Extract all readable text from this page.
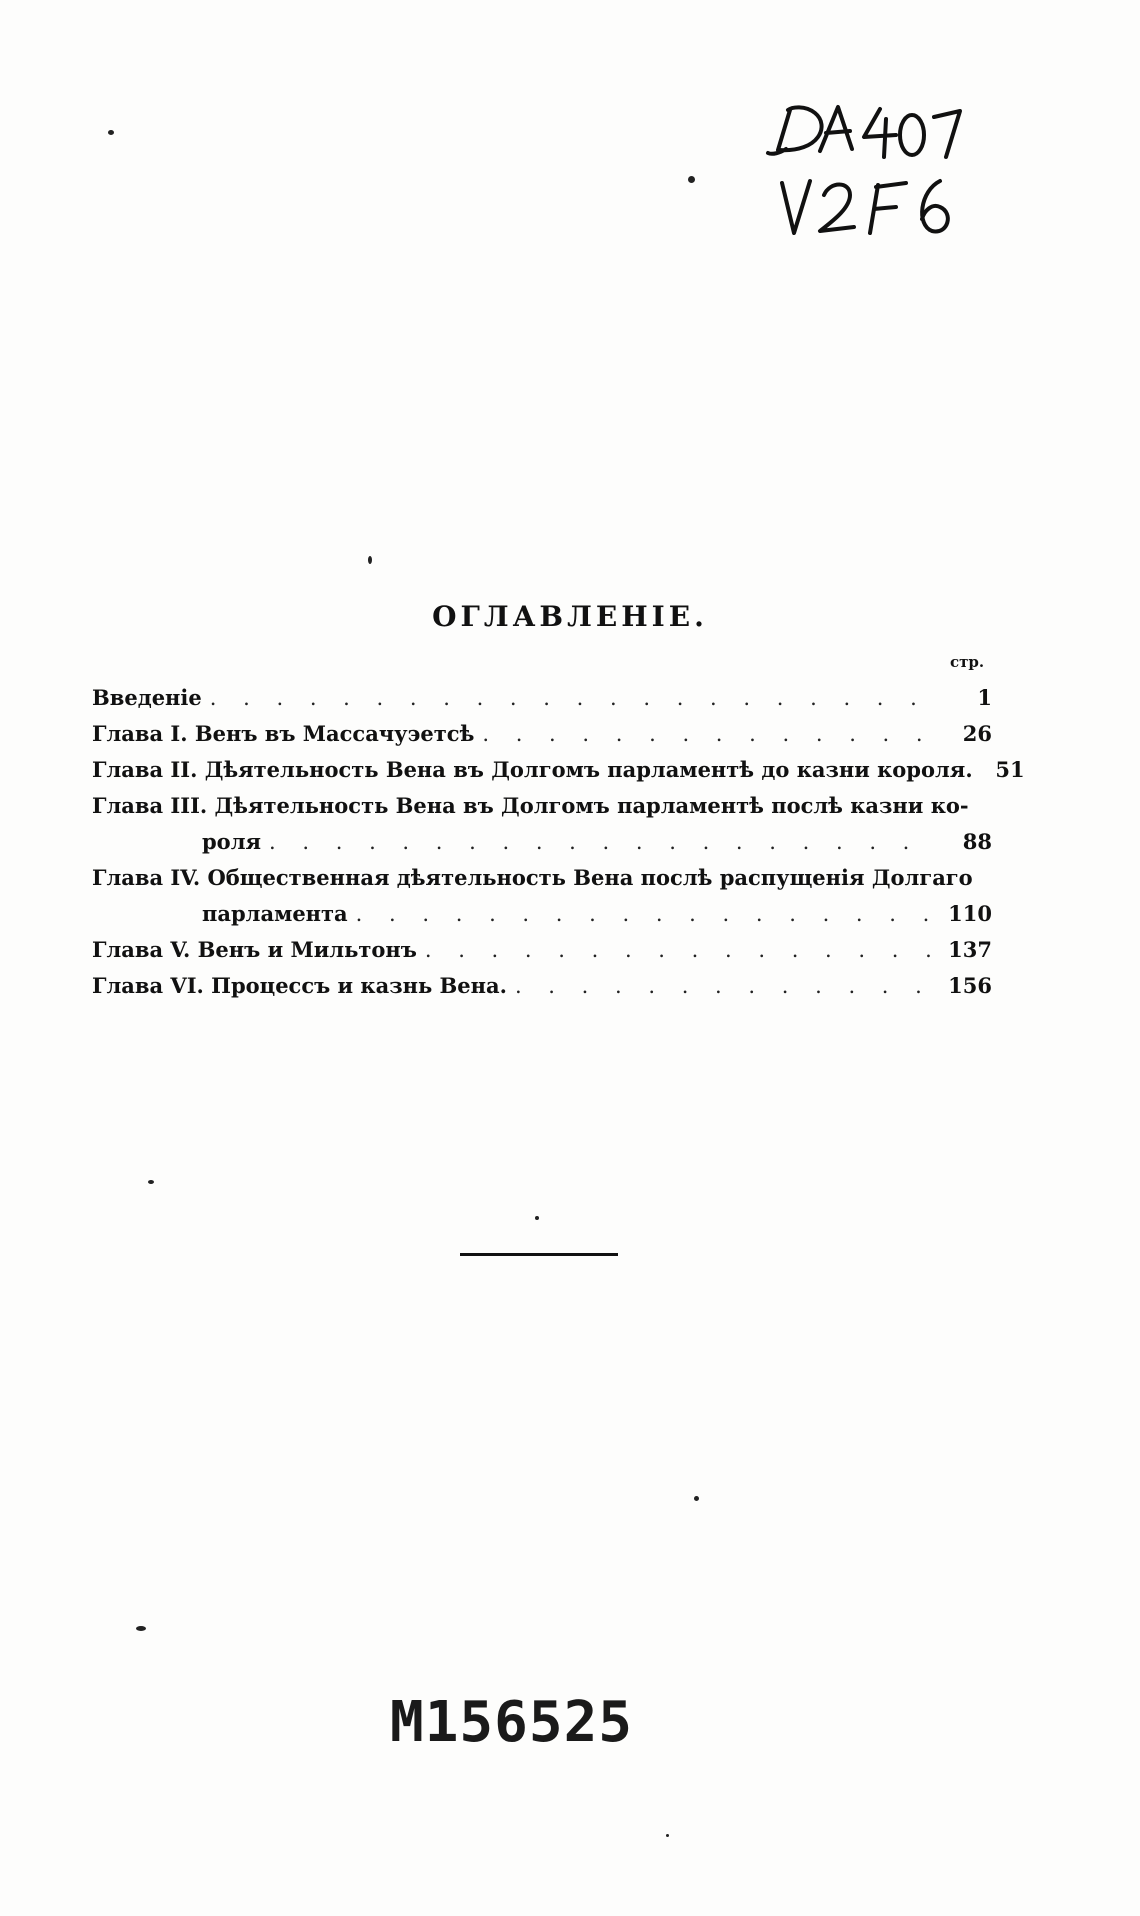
ОГЛАВЛЕНІЕ.
стр.
Введеніе . . .	1
Глава I. Венъ въ Массачуэетсѣ . . .	26
Глава II. Дѣятельность Вена въ Долгомъ парламентѣ до казни короля.	51
Глава III. Дѣятельность Вена въ Долгомъ парламентѣ послѣ казни ко-
роля . . .	88
Глава IV. Общественная дѣятельность Вена послѣ распущенія Долгаго
парламента . . .	110
Глава V. Венъ и Мильтонъ . . .	137
Глава VI. Процессъ и казнь Вена. . . .	156
M156525
